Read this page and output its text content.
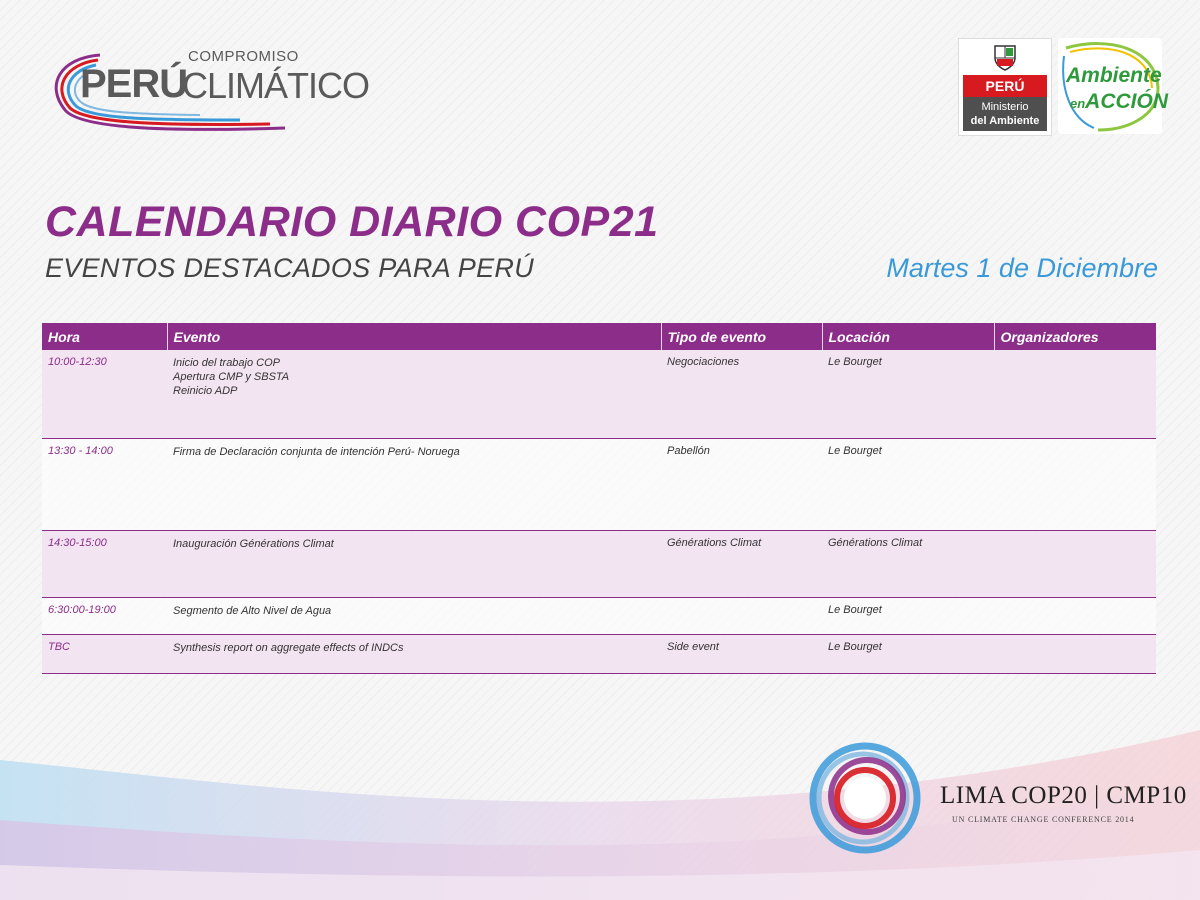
COMPROMISO
PERÚ
CLIMÁTICO	PERÚ
Ministerio
del Ambiente
Ambiente
enACCIÓN
CALENDARIO DIARIO COP21
EVENTOS DESTACADOS PARA PERÚ	Martes 1 de Diciembre
Hora	Evento	Tipo de evento	Locación	Organizadores
10:00-12:30	Inicio del trabajo COP
Apertura CMP y SBSTA
Reinicio ADP	Negociaciones	Le Bourget	
13:30 - 14:00	Firma de Declaración conjunta de intención Perú- Noruega	Pabellón	Le Bourget	
14:30-15:00	Inauguración Générations Climat	Générations Climat	Générations Climat	
6:30:00-19:00	Segmento de Alto Nivel de Agua		Le Bourget	
TBC	Synthesis report on aggregate effects of INDCs	Side event	Le Bourget	
LIMA COP20 | CMP10
UN CLIMATE CHANGE CONFERENCE 2014
